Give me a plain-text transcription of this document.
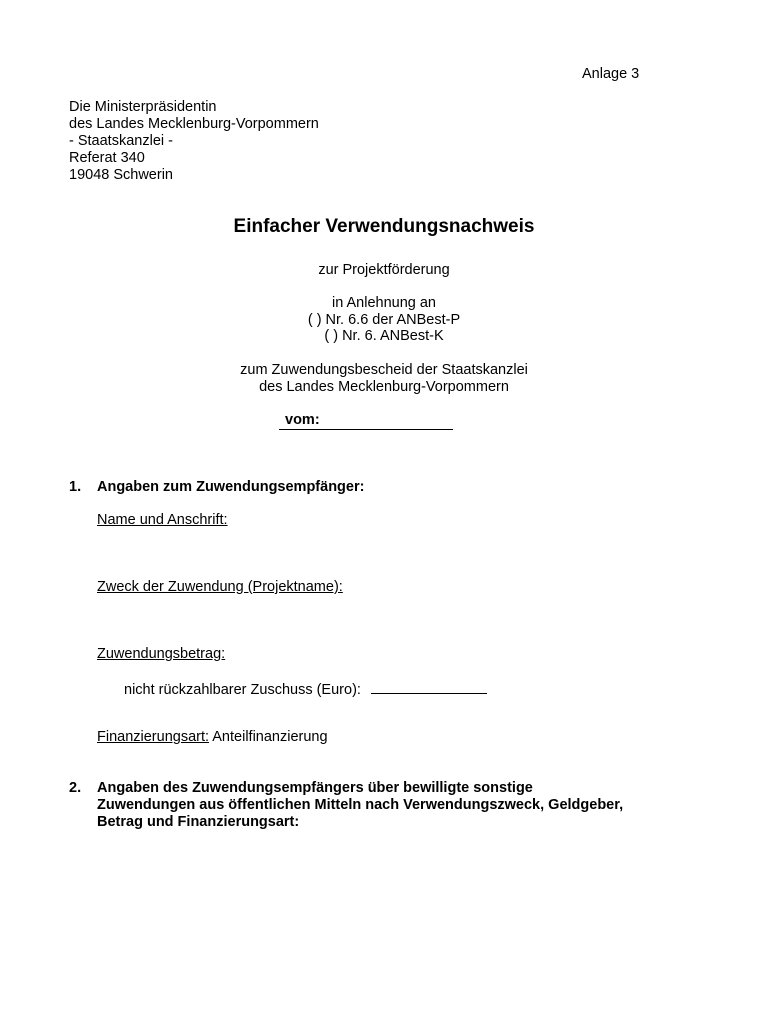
Anlage 3
Die Ministerpräsidentin
des Landes Mecklenburg-Vorpommern
- Staatskanzlei -
Referat 340
19048 Schwerin
Einfacher Verwendungsnachweis
zur Projektförderung
in Anlehnung an
( ) Nr. 6.6 der ANBest-P
( ) Nr. 6. ANBest-K
zum Zuwendungsbescheid der Staatskanzlei
des Landes Mecklenburg-Vorpommern
vom:
1. Angaben zum Zuwendungsempfänger:
Name und Anschrift:
Zweck der Zuwendung (Projektname):
Zuwendungsbetrag:
nicht rückzahlbarer Zuschuss (Euro):
Finanzierungsart: Anteilfinanzierung
2. Angaben des Zuwendungsempfängers über bewilligte sonstige
Zuwendungen aus öffentlichen Mitteln nach Verwendungszweck, Geldgeber,
Betrag und Finanzierungsart:
